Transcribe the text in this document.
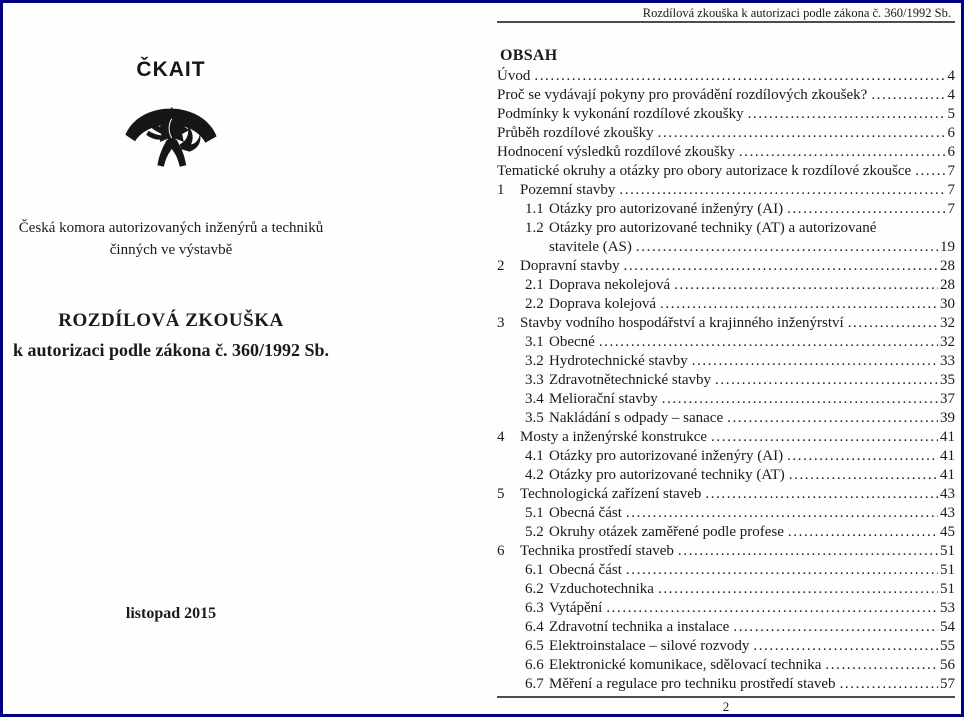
Rozdílová zkouška k autorizaci podle zákona č. 360/1992 Sb.
ČKAIT
Česká komora autorizovaných inženýrů a techniků
činných ve výstavbě
ROZDÍLOVÁ ZKOUŠKA
k autorizaci podle zákona č. 360/1992 Sb.
listopad 2015
OBSAH
Úvod .....	4
Proč se vydávají pokyny pro provádění rozdílových zkoušek? .....	4
Podmínky k vykonání rozdílové zkoušky .....	5
Průběh rozdílové zkoušky .....	6
Hodnocení výsledků rozdílové zkoušky .....	6
Tematické okruhy a otázky pro obory autorizace k rozdílové zkoušce ..... 7
1	Pozemní stavby .....	7
1.1 Otázky pro autorizované inženýry (AI) .....	7
1.2 Otázky pro autorizované techniky (AT) a autorizované
stavitele (AS) .....	19
2	Dopravní stavby .....	28
2.1 Doprava nekolejová .....	28
2.2 Doprava kolejová .....	30
3	Stavby vodního hospodářství a krajinného inženýrství .....	32
3.1 Obecné .....	32
3.2 Hydrotechnické stavby .....	33
3.3 Zdravotnětechnické stavby .....	35
3.4 Meliorační stavby .....	37
3.5 Nakládání s odpady – sanace .....	39
4	Mosty a inženýrské konstrukce .....	41
4.1 Otázky pro autorizované inženýry (AI) .....	41
4.2 Otázky pro autorizované techniky (AT) .....	41
5	Technologická zařízení staveb .....	43
5.1 Obecná část .....	43
5.2 Okruhy otázek zaměřené podle profese .....	45
6	Technika prostředí staveb .....	51
6.1 Obecná část .....	51
6.2 Vzduchotechnika .....	51
6.3 Vytápění .....	53
6.4 Zdravotní technika a instalace .....	54
6.5 Elektroinstalace – silové rozvody .....	55
6.6 Elektronické komunikace, sdělovací technika .....	56
6.7 Měření a regulace pro techniku prostředí staveb .....	57
2
